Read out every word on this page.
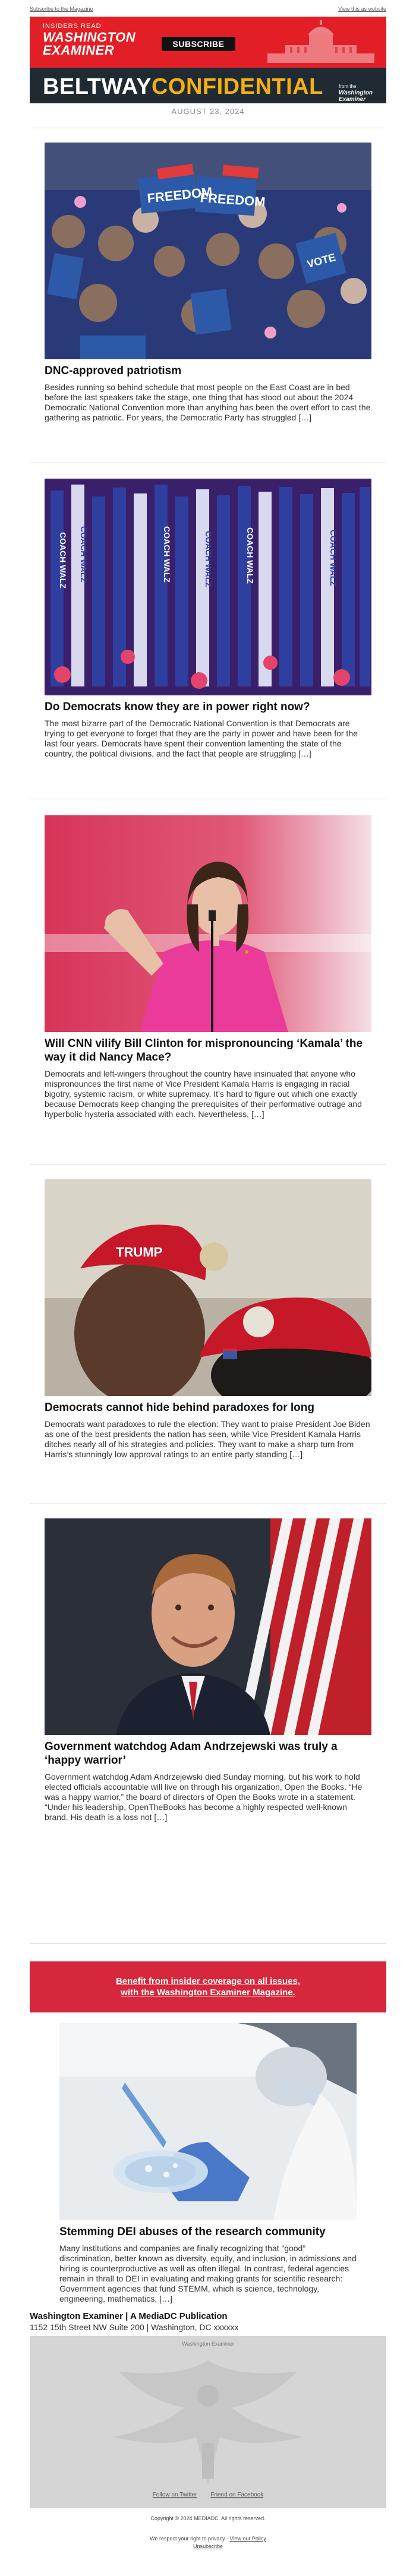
Subscribe to the Magazine	View this as website
INSIDERS READ
WASHINGTON EXAMINER	SUBSCRIBE
BELTWAYCONFIDENTIAL	from the
Washington Examiner
AUGUST 23, 2024
FREEDOM
FREEDOM
VOTE
DNC-approved patriotism

Besides running so behind schedule that most people on the East Coast are in bed before the last speakers take the stage, one thing that has stood out about the 2024 Democratic National Convention more than anything has been the overt effort to cast the gathering as patriotic. For years, the Democratic Party has struggled […]

COACH WALZ COACH WALZ	COACH WALZ	COACH WALZ	COACH WALZ	COACH WALZ
Do Democrats know they are in power right now?

The most bizarre part of the Democratic National Convention is that Democrats are trying to get everyone to forget that they are the party in power and have been for the last four years. Democrats have spent their convention lamenting the state of the country, the political divisions, and the fact that people are struggling […]

Will CNN vilify Bill Clinton for mispronouncing ‘Kamala’ the way it did Nancy Mace?

Democrats and left-wingers throughout the country have insinuated that anyone who mispronounces the first name of Vice President Kamala Harris is engaging in racial bigotry, systemic racism, or white supremacy. It’s hard to figure out which one exactly because Democrats keep changing the prerequisites of their performative outrage and hyperbolic hysteria associated with each. Nevertheless, […]

TRUMP
Democrats cannot hide behind paradoxes for long

Democrats want paradoxes to rule the election: They want to praise President Joe Biden as one of the best presidents the nation has seen, while Vice President Kamala Harris ditches nearly all of his strategies and policies. They want to make a sharp turn from Harris’s stunningly low approval ratings to an entire party standing […]

Government watchdog Adam Andrzejewski was truly a ‘happy warrior’

Government watchdog Adam Andrzejewski died Sunday morning, but his work to hold elected officials accountable will live on through his organization, Open the Books. “He was a happy warrior,” the board of directors of Open the Books wrote in a statement. “Under his leadership, OpenTheBooks has become a highly respected well-known brand. His death is a loss not […]

Benefit from insider coverage on all issues,
with the Washington Examiner Magazine.
Stemming DEI abuses of the research community

Many institutions and companies are finally recognizing that “good” discrimination, better known as diversity, equity, and inclusion, in admissions and hiring is counterproductive as well as often illegal. In contrast, federal agencies remain in thrall to DEI in evaluating and making grants for scientific research: Government agencies that fund STEMM, which is science, technology, engineering, mathematics, […]

Washington Examiner | A MediaDC Publication
1152 15th Street NW Suite 200 | Washington, DC xxxxxx
Washington Examiner
Follow on Twitter Friend on Facebook
Copyright © 2024 MEDIADC. All rights reserved.
We respect your right to privacy - View our Policy
Unsubscribe
